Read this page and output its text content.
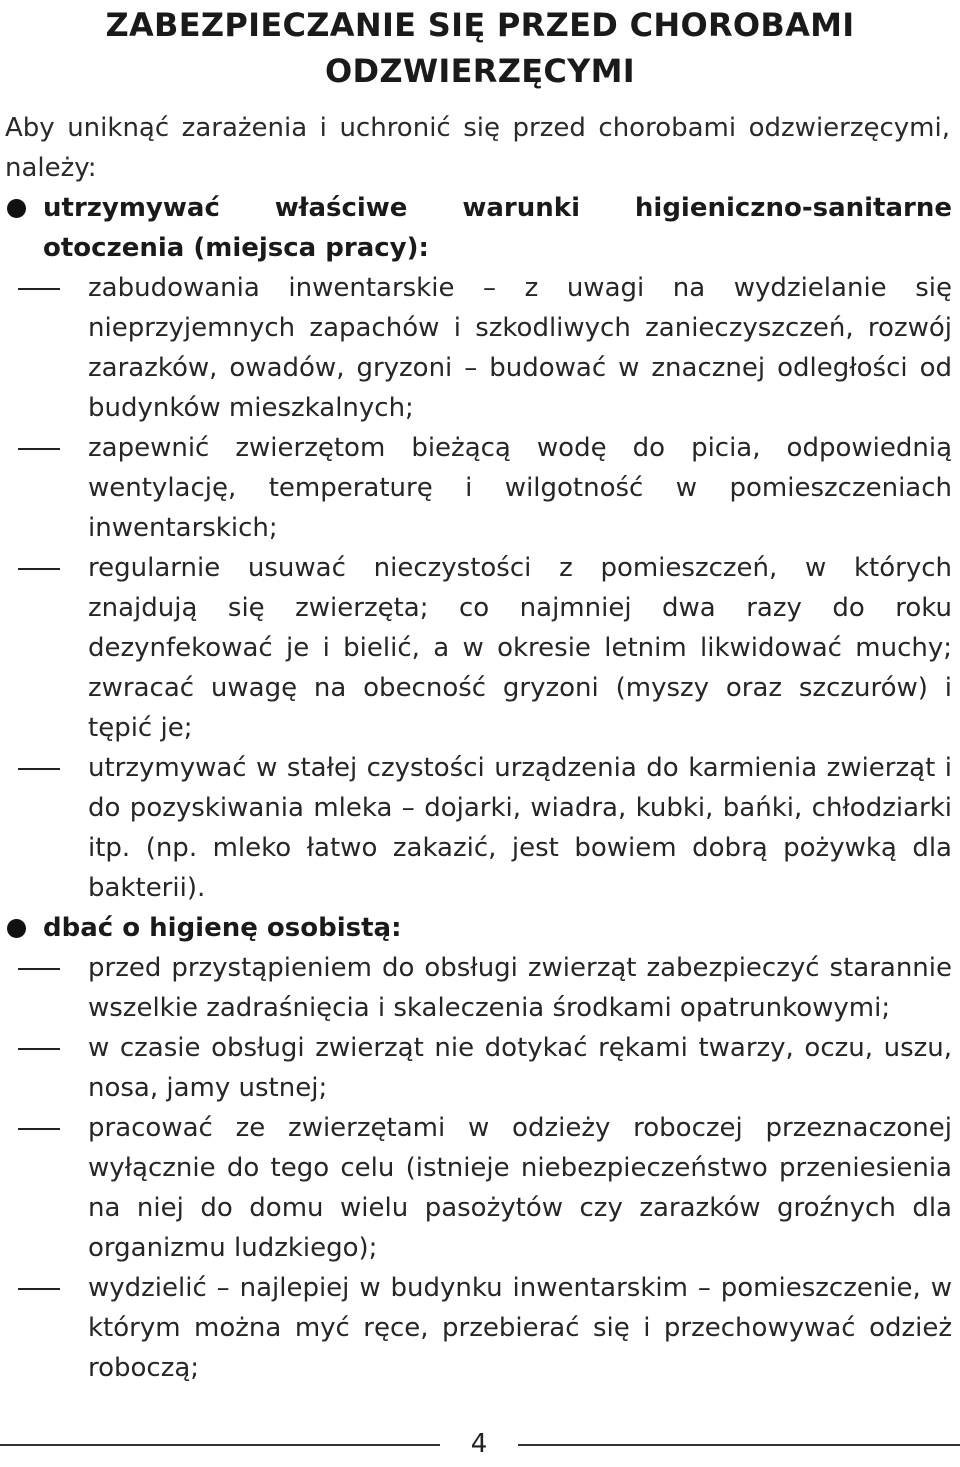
ZABEZPIECZANIE SIĘ PRZED CHOROBAMI ODZWIERZĘCYMI

Aby uniknąć zarażenia i uchronić się przed chorobami odzwierzęcymi, należy:

utrzymywać właściwe warunki higieniczno-sanitarne otoczenia (miejsca pracy):
zabudowania inwentarskie – z uwagi na wydzielanie się nieprzyjemnych zapachów i szkodliwych zanieczyszczeń, rozwój zarazków, owadów, gryzoni – budować w znacznej odległości od budynków mieszkalnych;
zapewnić zwierzętom bieżącą wodę do picia, odpowiednią wentylację, temperaturę i wilgotność w pomieszczeniach inwentarskich;
regularnie usuwać nieczystości z pomieszczeń, w których znajdują się zwierzęta; co najmniej dwa razy do roku dezynfekować je i bielić, a w okresie letnim likwidować muchy; zwracać uwagę na obecność gryzoni (myszy oraz szczurów) i tępić je;
utrzymywać w stałej czystości urządzenia do karmienia zwierząt i do pozyskiwania mleka – dojarki, wiadra, kubki, bańki, chłodziarki itp. (np. mleko łatwo zakazić, jest bowiem dobrą pożywką dla bakterii).
dbać o higienę osobistą:
przed przystąpieniem do obsługi zwierząt zabezpieczyć starannie wszelkie zadraśnięcia i skaleczenia środkami opatrunkowymi;
w czasie obsługi zwierząt nie dotykać rękami twarzy, oczu, uszu, nosa, jamy ustnej;
pracować ze zwierzętami w odzieży roboczej przeznaczonej wyłącznie do tego celu (istnieje niebezpieczeństwo przeniesienia na niej do domu wielu pasożytów czy zarazków groźnych dla organizmu ludzkiego);
wydzielić – najlepiej w budynku inwentarskim – pomieszczenie, w którym można myć ręce, przebierać się i przechowywać odzież roboczą;
4
